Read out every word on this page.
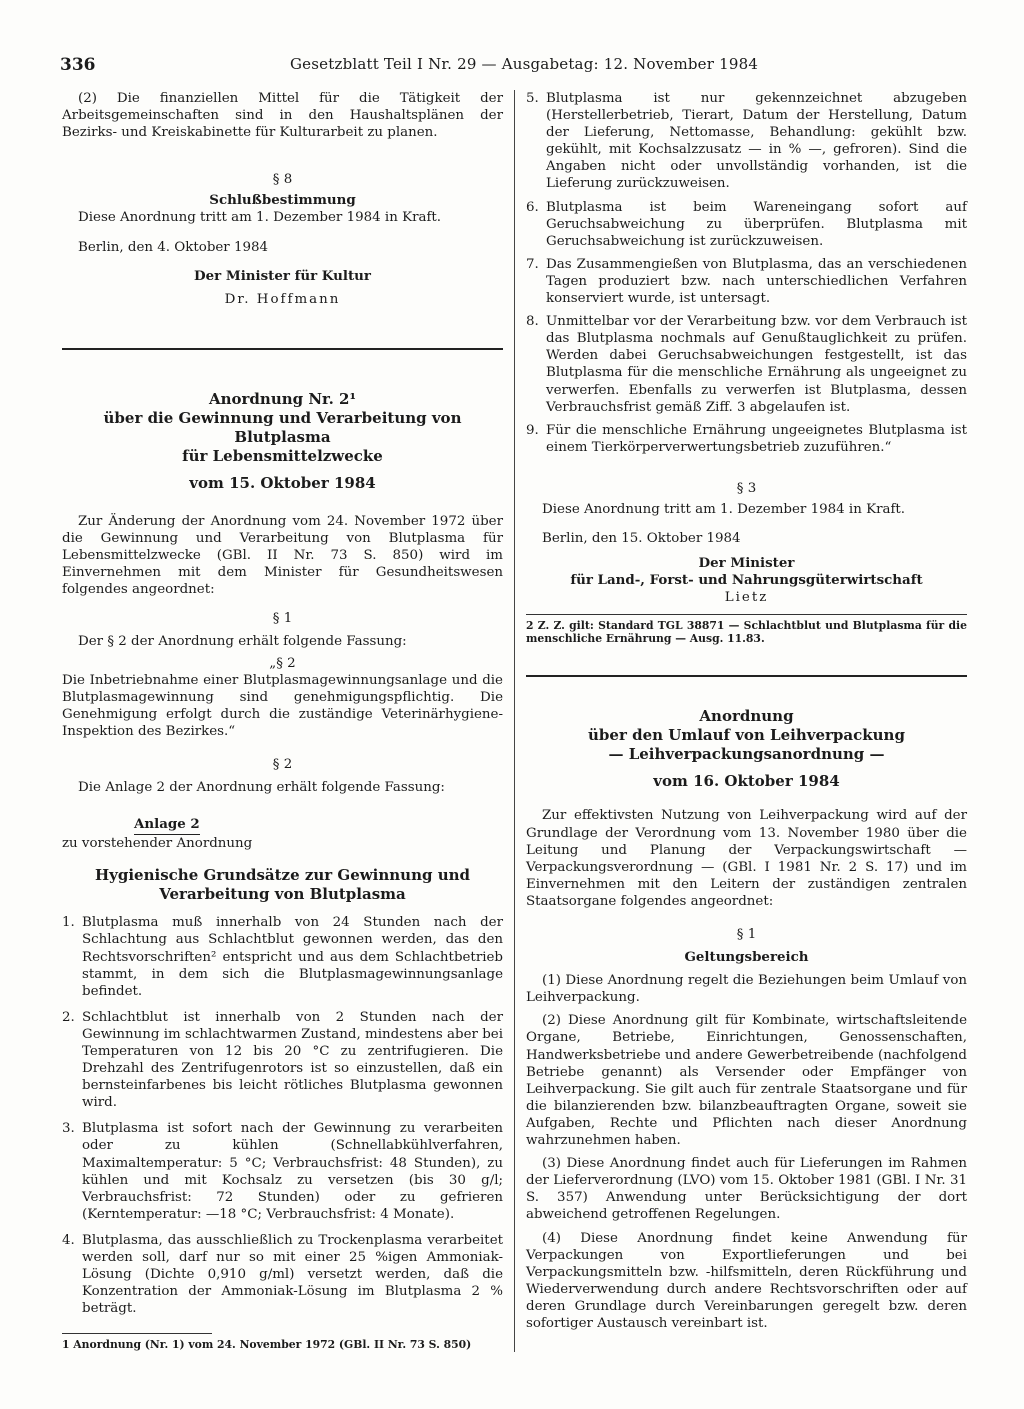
336	Gesetzblatt Teil I Nr. 29 — Ausgabetag: 12. November 1984

(2) Die finanziellen Mittel für die Tätigkeit der Arbeitsgemeinschaften sind in den Haushaltsplänen der Bezirks- und Kreiskabinette für Kulturarbeit zu planen.

§ 8

Schlußbestimmung

Diese Anordnung tritt am 1. Dezember 1984 in Kraft.

Berlin, den 4. Oktober 1984

Der Minister für Kultur

Dr. Hoffmann

Anordnung Nr. 2¹
über die Gewinnung und Verarbeitung von Blutplasma
für Lebensmittelzwecke
vom 15. Oktober 1984

Zur Änderung der Anordnung vom 24. November 1972 über die Gewinnung und Verarbeitung von Blutplasma für Lebensmittelzwecke (GBl. II Nr. 73 S. 850) wird im Einvernehmen mit dem Minister für Gesundheitswesen folgendes angeordnet:

§ 1

Der § 2 der Anordnung erhält folgende Fassung:

„§ 2

Die Inbetriebnahme einer Blutplasmagewinnungsanlage und die Blutplasmagewinnung sind genehmigungspflichtig. Die Genehmigung erfolgt durch die zuständige Veterinärhygiene-Inspektion des Bezirkes.“

§ 2

Die Anlage 2 der Anordnung erhält folgende Fassung:

Anlage 2

zu vorstehender Anordnung

Hygienische Grundsätze zur Gewinnung und
Verarbeitung von Blutplasma
1. Blutplasma muß innerhalb von 24 Stunden nach der Schlachtung aus Schlachtblut gewonnen werden, das den Rechtsvorschriften² entspricht und aus dem Schlachtbetrieb stammt, in dem sich die Blutplasmagewinnungsanlage befindet.
2. Schlachtblut ist innerhalb von 2 Stunden nach der Gewinnung im schlachtwarmen Zustand, mindestens aber bei Temperaturen von 12 bis 20 °C zu zentrifugieren. Die Drehzahl des Zentrifugenrotors ist so einzustellen, daß ein bernsteinfarbenes bis leicht rötliches Blutplasma gewonnen wird.
3. Blutplasma ist sofort nach der Gewinnung zu verarbeiten oder zu kühlen (Schnellabkühlverfahren, Maximaltemperatur: 5 °C; Verbrauchsfrist: 48 Stunden), zu kühlen und mit Kochsalz zu versetzen (bis 30 g/l; Verbrauchsfrist: 72 Stunden) oder zu gefrieren (Kerntemperatur: —18 °C; Verbrauchsfrist: 4 Monate).
4. Blutplasma, das ausschließlich zu Trockenplasma verarbeitet werden soll, darf nur so mit einer 25 %igen Ammoniak-Lösung (Dichte 0,910 g/ml) versetzt werden, daß die Konzentration der Ammoniak-Lösung im Blutplasma 2 % beträgt.

1 Anordnung (Nr. 1) vom 24. November 1972 (GBl. II Nr. 73 S. 850)

5. Blutplasma ist nur gekennzeichnet abzugeben (Herstellerbetrieb, Tierart, Datum der Herstellung, Datum der Lieferung, Nettomasse, Behandlung: gekühlt bzw. gekühlt, mit Kochsalzzusatz — in % —, gefroren). Sind die Angaben nicht oder unvollständig vorhanden, ist die Lieferung zurückzuweisen.
6. Blutplasma ist beim Wareneingang sofort auf Geruchsabweichung zu überprüfen. Blutplasma mit Geruchsabweichung ist zurückzuweisen.
7. Das Zusammengießen von Blutplasma, das an verschiedenen Tagen produziert bzw. nach unterschiedlichen Verfahren konserviert wurde, ist untersagt.
8. Unmittelbar vor der Verarbeitung bzw. vor dem Verbrauch ist das Blutplasma nochmals auf Genußtauglichkeit zu prüfen. Werden dabei Geruchsabweichungen festgestellt, ist das Blutplasma für die menschliche Ernährung als ungeeignet zu verwerfen. Ebenfalls zu verwerfen ist Blutplasma, dessen Verbrauchsfrist gemäß Ziff. 3 abgelaufen ist.
9. Für die menschliche Ernährung ungeeignetes Blutplasma ist einem Tierkörperverwertungsbetrieb zuzuführen.“

§ 3

Diese Anordnung tritt am 1. Dezember 1984 in Kraft.

Berlin, den 15. Oktober 1984

Der Minister

für Land-, Forst- und Nahrungsgüterwirtschaft

Lietz

2 Z. Z. gilt: Standard TGL 38871 — Schlachtblut und Blutplasma für die menschliche Ernährung — Ausg. 11.83.

Anordnung
über den Umlauf von Leihverpackung
— Leihverpackungsanordnung —
vom 16. Oktober 1984

Zur effektivsten Nutzung von Leihverpackung wird auf der Grundlage der Verordnung vom 13. November 1980 über die Leitung und Planung der Verpackungswirtschaft — Verpackungsverordnung — (GBl. I 1981 Nr. 2 S. 17) und im Einvernehmen mit den Leitern der zuständigen zentralen Staatsorgane folgendes angeordnet:

§ 1

Geltungsbereich

(1) Diese Anordnung regelt die Beziehungen beim Umlauf von Leihverpackung.

(2) Diese Anordnung gilt für Kombinate, wirtschaftsleitende Organe, Betriebe, Einrichtungen, Genossenschaften, Handwerksbetriebe und andere Gewerbetreibende (nachfolgend Betriebe genannt) als Versender oder Empfänger von Leihverpackung. Sie gilt auch für zentrale Staatsorgane und für die bilanzierenden bzw. bilanzbeauftragten Organe, soweit sie Aufgaben, Rechte und Pflichten nach dieser Anordnung wahrzunehmen haben.

(3) Diese Anordnung findet auch für Lieferungen im Rahmen der Lieferverordnung (LVO) vom 15. Oktober 1981 (GBl. I Nr. 31 S. 357) Anwendung unter Berücksichtigung der dort abweichend getroffenen Regelungen.

(4) Diese Anordnung findet keine Anwendung für Verpackungen von Exportlieferungen und bei Verpackungsmitteln bzw. -hilfsmitteln, deren Rückführung und Wiederverwendung durch andere Rechtsvorschriften oder auf deren Grundlage durch Vereinbarungen geregelt bzw. deren sofortiger Austausch vereinbart ist.
